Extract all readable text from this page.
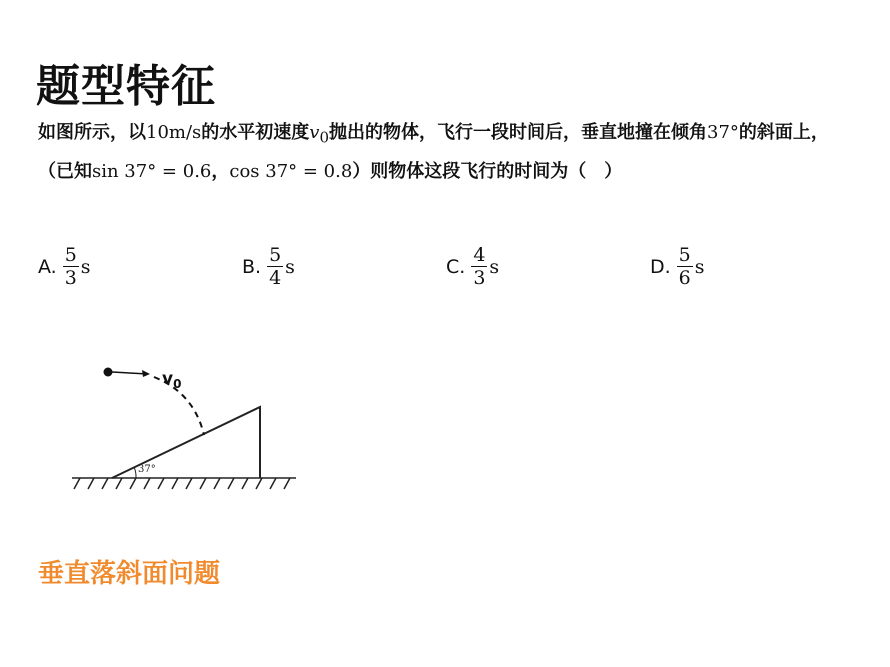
题型特征
如图所示，以10m/s的水平初速度$v_0$抛出的物体，飞行一段时间后，垂直地撞在倾角37°的斜面上，（已知sin 37° = 0.6，cos 37° = 0.8）则物体这段飞行的时间为（　）
A. $\frac{5}{3}$ s	B. $\frac{5}{4}$ s	C. $\frac{4}{3}$ s	D. $\frac{5}{6}$ s
37°
$v_0$
垂直落斜面问题
